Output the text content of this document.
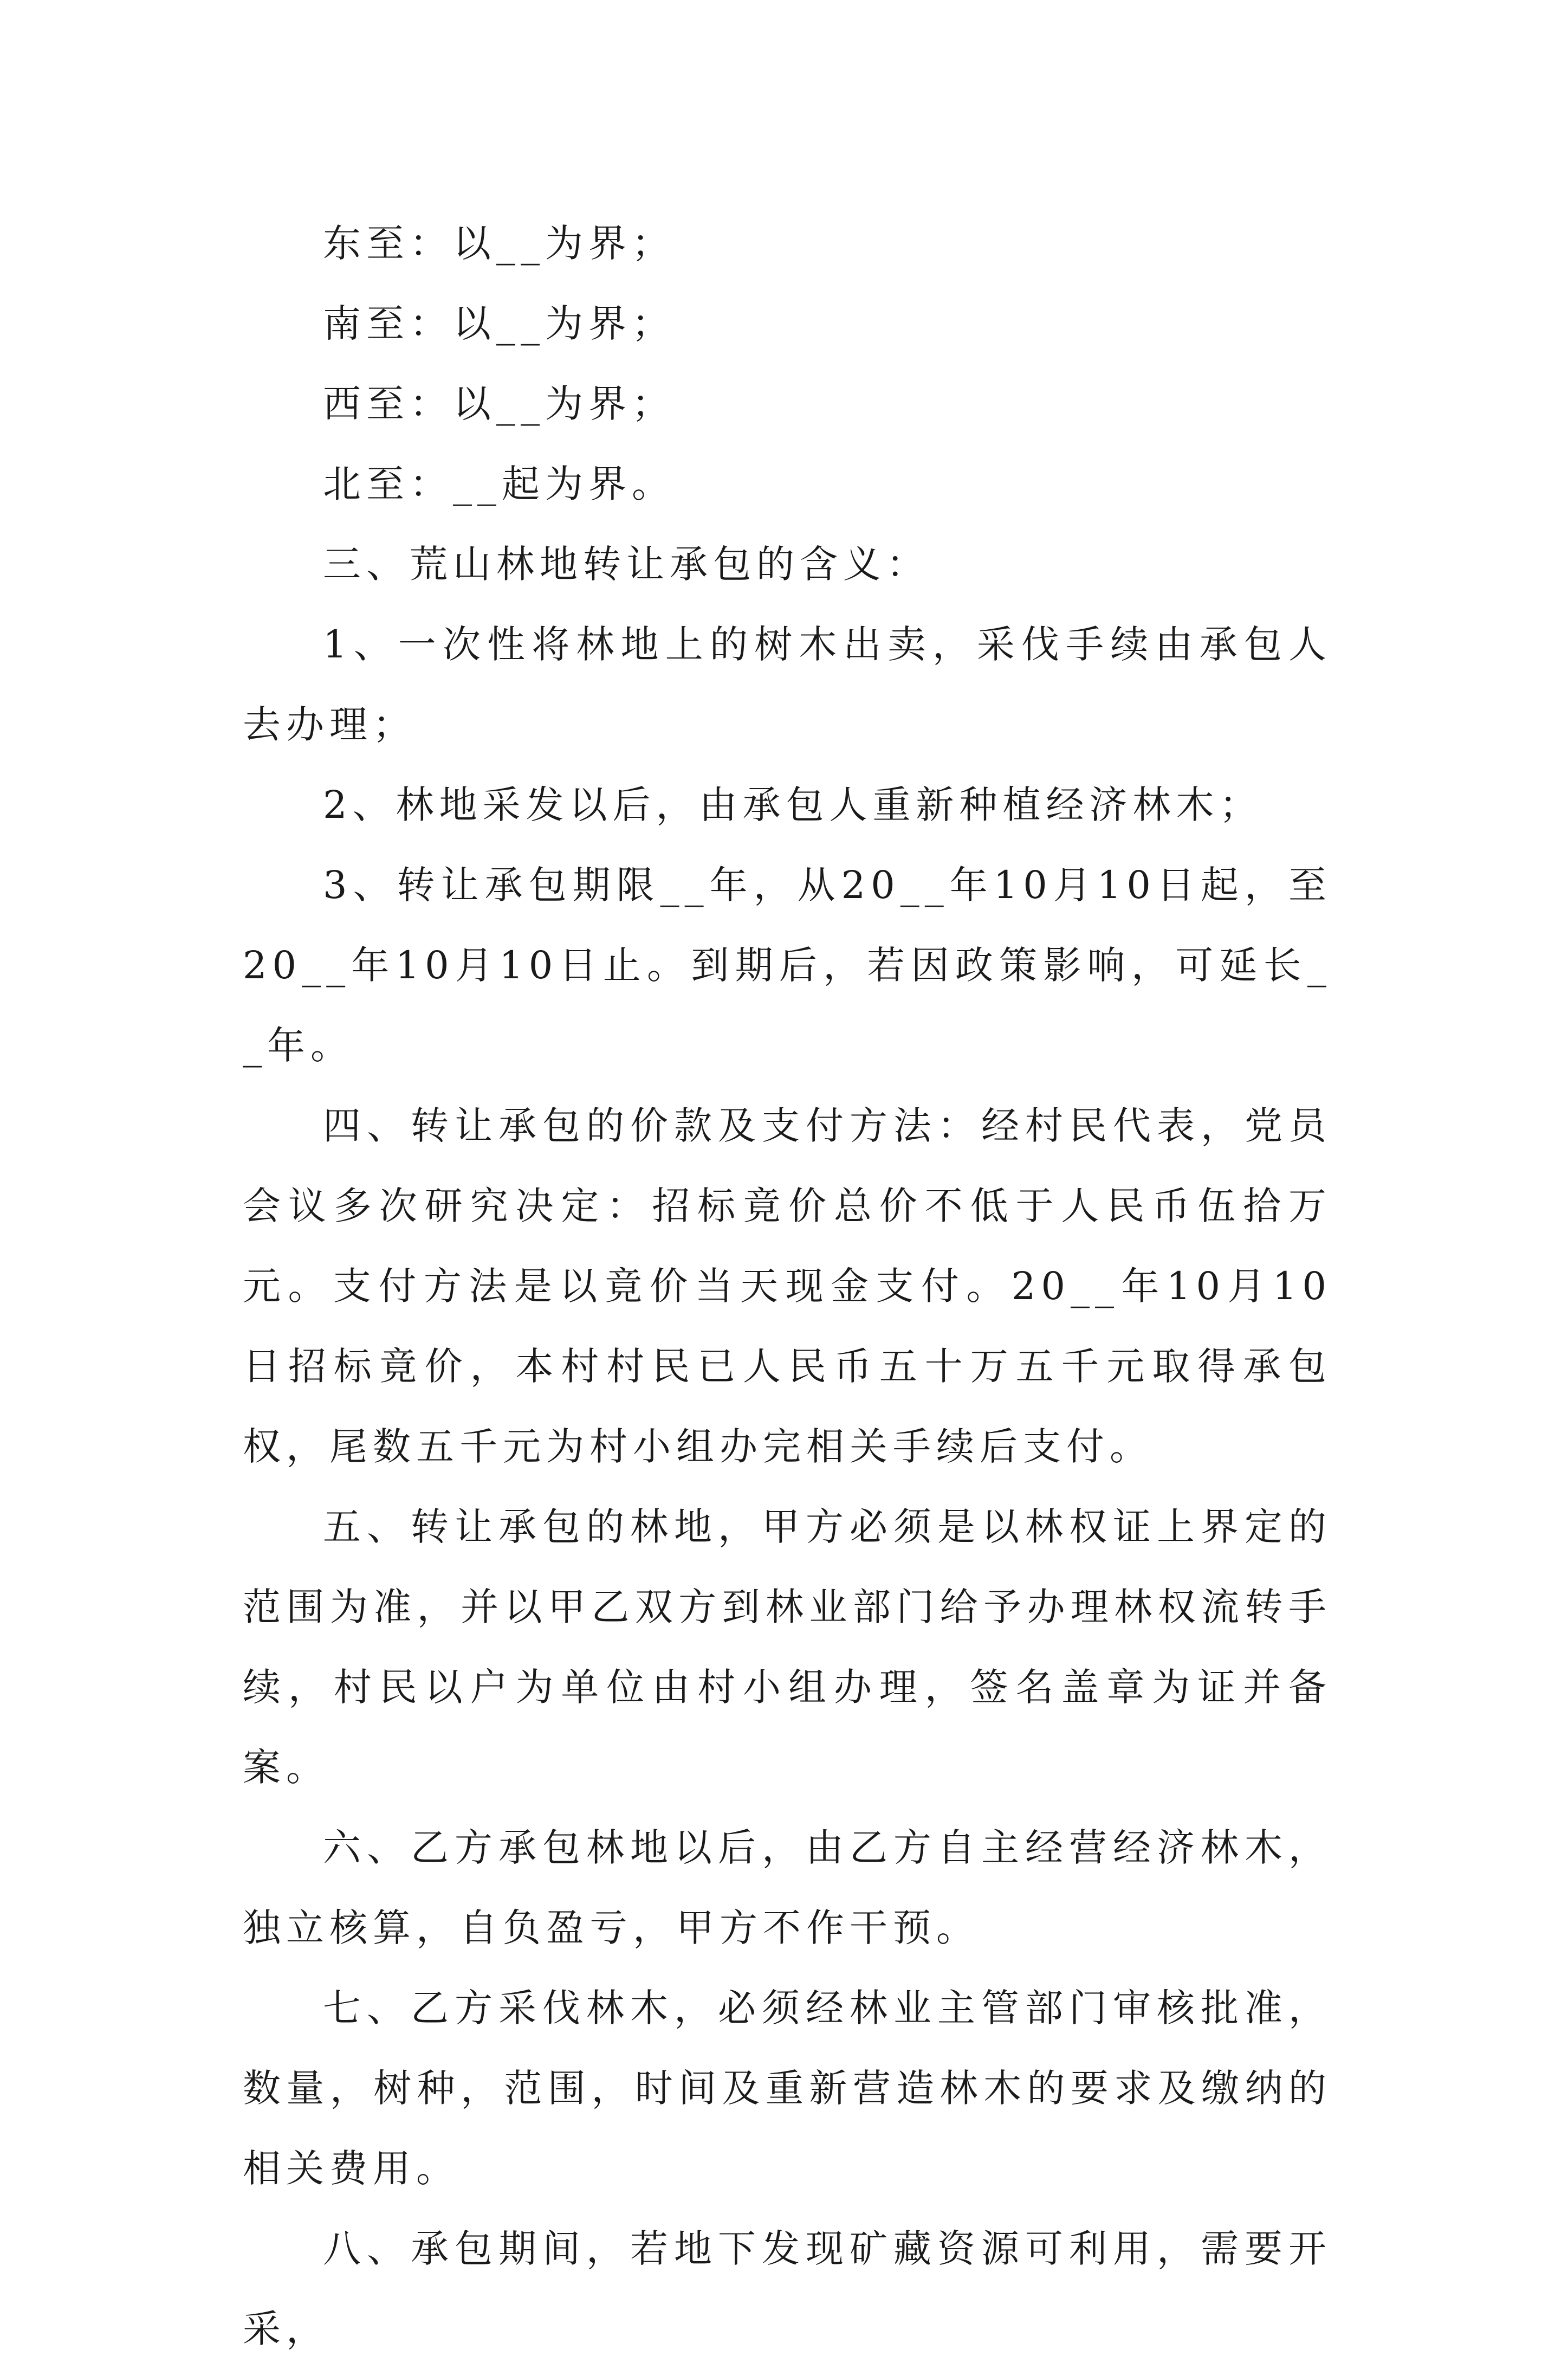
东至：以__为界；

南至：以__为界；

西至：以__为界；

北至：__起为界。

三、荒山林地转让承包的含义：

1、一次性将林地上的树木出卖，采伐手续由承包人去办理；

2、林地采发以后，由承包人重新种植经济林木；

3、转让承包期限__年，从20__年10月10日起，至20__年10月10日止。到期后，若因政策影响，可延长__年。

四、转让承包的价款及支付方法：经村民代表，党员会议多次研究决定：招标竟价总价不低于人民币伍拾万元。支付方法是以竟价当天现金支付。20__年10月10日招标竟价，本村村民已人民币五十万五千元取得承包权，尾数五千元为村小组办完相关手续后支付。

五、转让承包的林地，甲方必须是以林权证上界定的范围为准，并以甲乙双方到林业部门给予办理林权流转手续，村民以户为单位由村小组办理，签名盖章为证并备案。

六、乙方承包林地以后，由乙方自主经营经济林木，独立核算，自负盈亏，甲方不作干预。

七、乙方采伐林木，必须经林业主管部门审核批准，数量，树种，范围，时间及重新营造林木的要求及缴纳的相关费用。

八、承包期间，若地下发现矿藏资源可利用，需要开采，
